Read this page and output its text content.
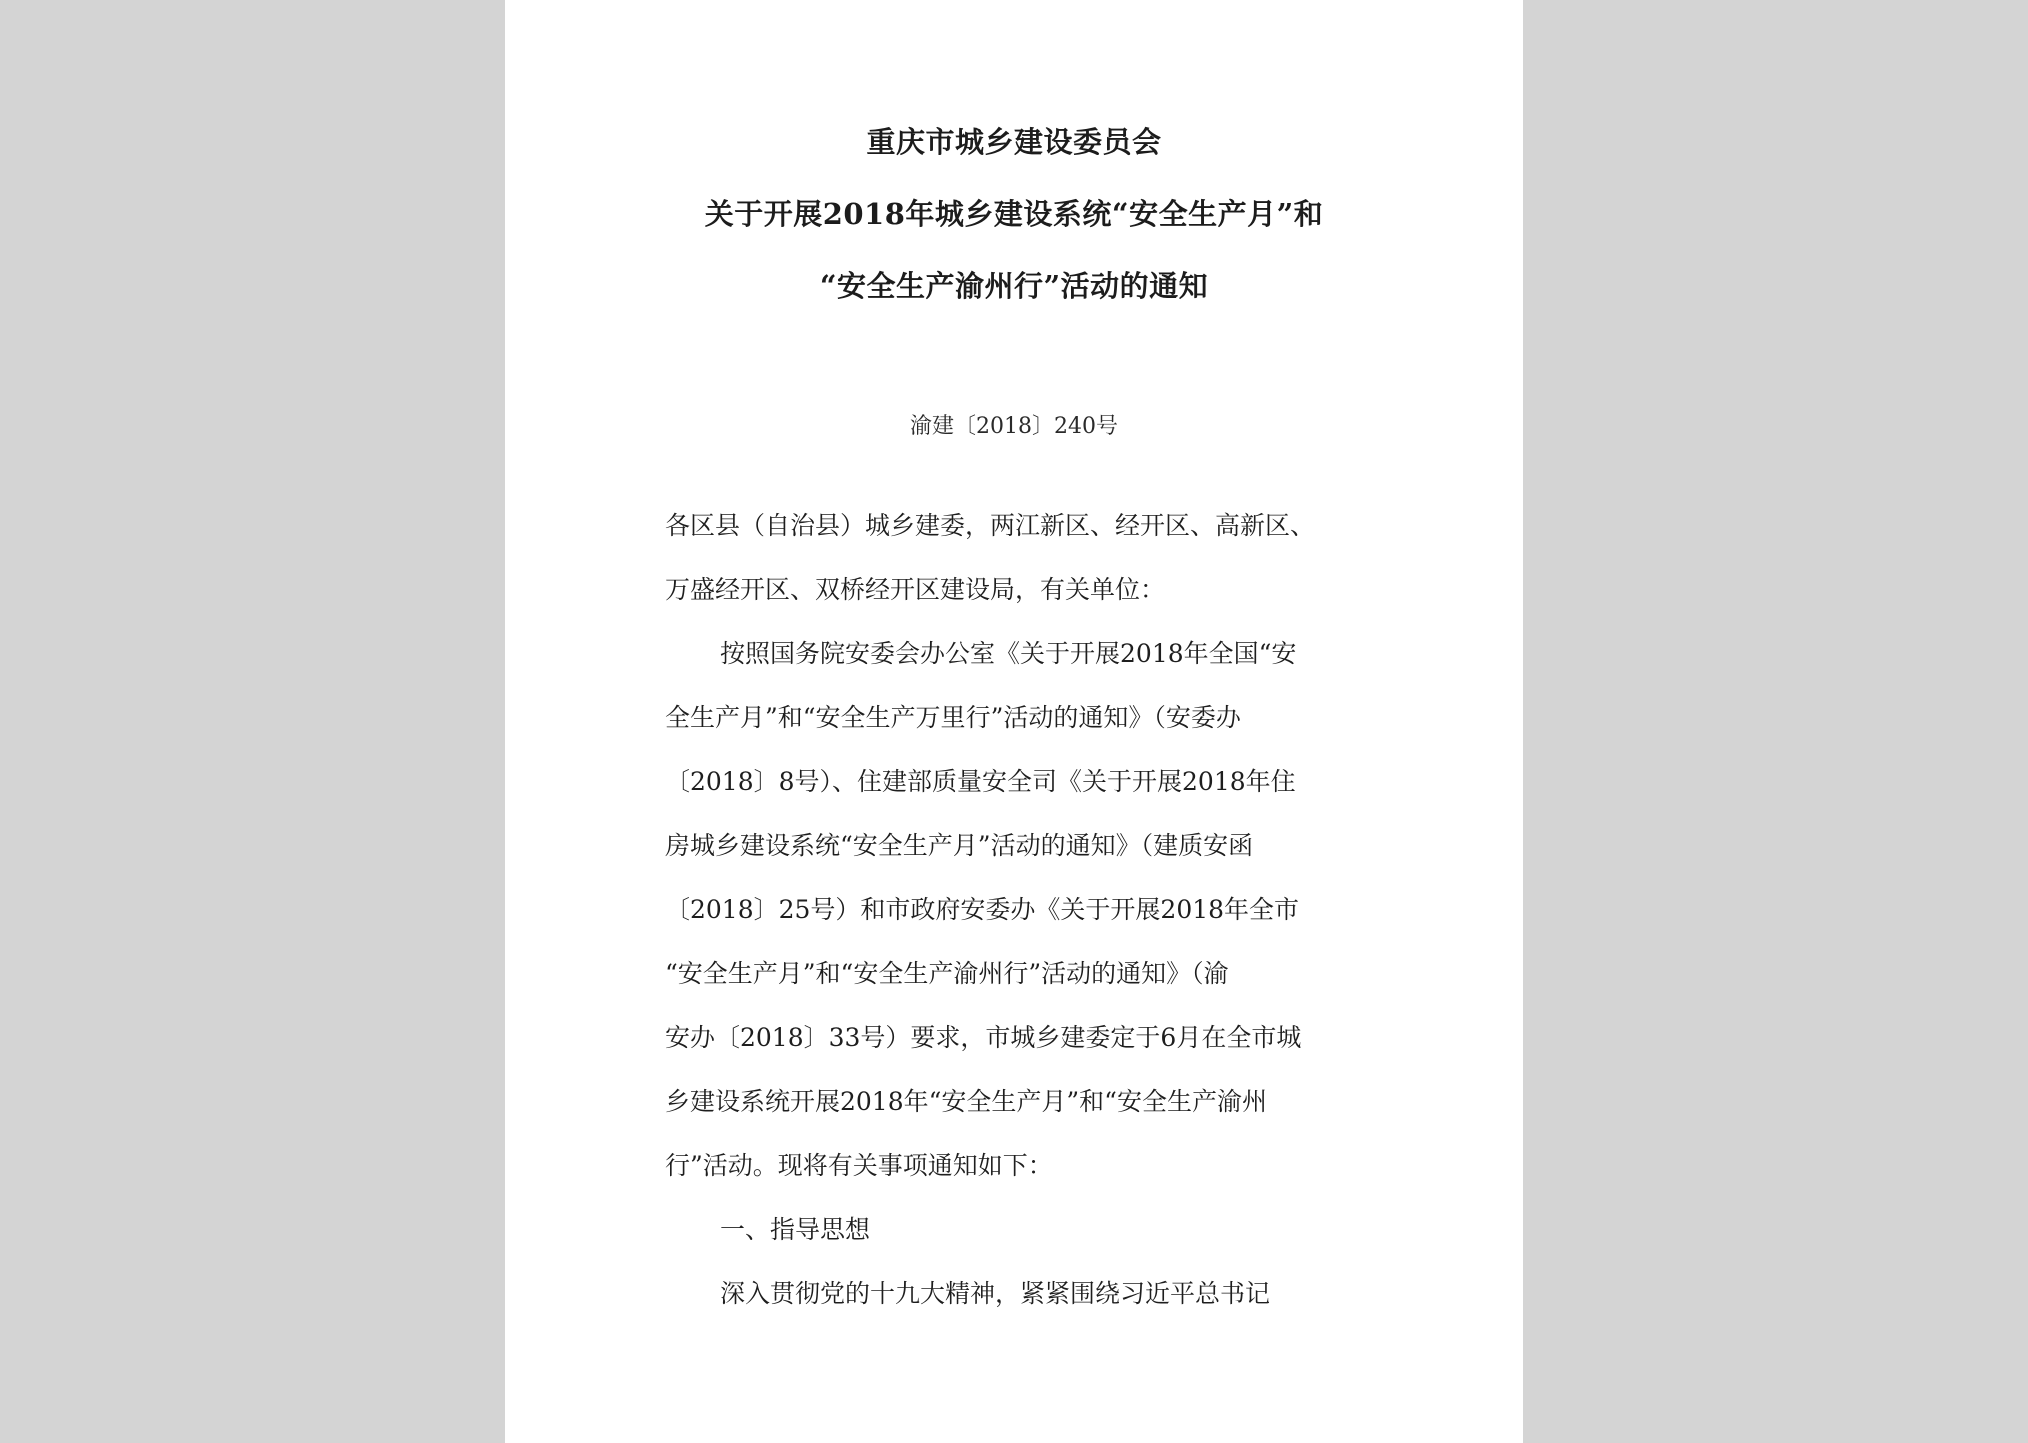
重庆市城乡建设委员会
关于开展2018年城乡建设系统“安全生产月”和
“安全生产渝州行”活动的通知
渝建〔2018〕240号
各区县（自治县）城乡建委，两江新区、经开区、高新区、
万盛经开区、双桥经开区建设局，有关单位：
按照国务院安委会办公室《关于开展2018年全国“安
全生产月”和“安全生产万里行”活动的通知》（安委办
〔2018〕8号）、住建部质量安全司《关于开展2018年住
房城乡建设系统“安全生产月”活动的通知》（建质安函
〔2018〕25号）和市政府安委办《关于开展2018年全市
“安全生产月”和“安全生产渝州行”活动的通知》（渝
安办〔2018〕33号）要求，市城乡建委定于6月在全市城
乡建设系统开展2018年“安全生产月”和“安全生产渝州
行”活动。现将有关事项通知如下：
一、指导思想
深入贯彻党的十九大精神，紧紧围绕习近平总书记
